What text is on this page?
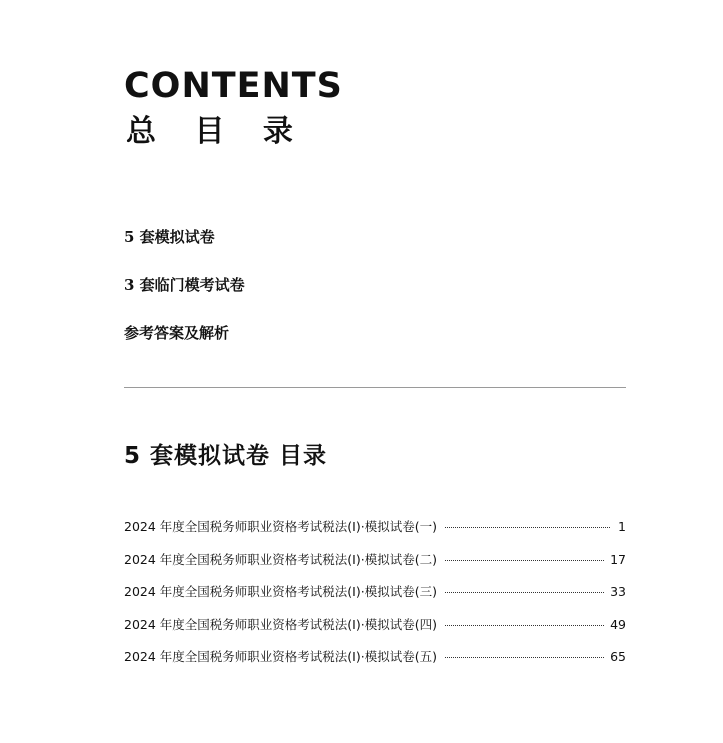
CONTENTS
总 目 录
5 套模拟试卷
3 套临门模考试卷
参考答案及解析
5 套模拟试卷 目录
2024 年度全国税务师职业资格考试税法(Ⅰ)·模拟试卷(一)	1
2024 年度全国税务师职业资格考试税法(Ⅰ)·模拟试卷(二)	17
2024 年度全国税务师职业资格考试税法(Ⅰ)·模拟试卷(三)	33
2024 年度全国税务师职业资格考试税法(Ⅰ)·模拟试卷(四)	49
2024 年度全国税务师职业资格考试税法(Ⅰ)·模拟试卷(五)	65
